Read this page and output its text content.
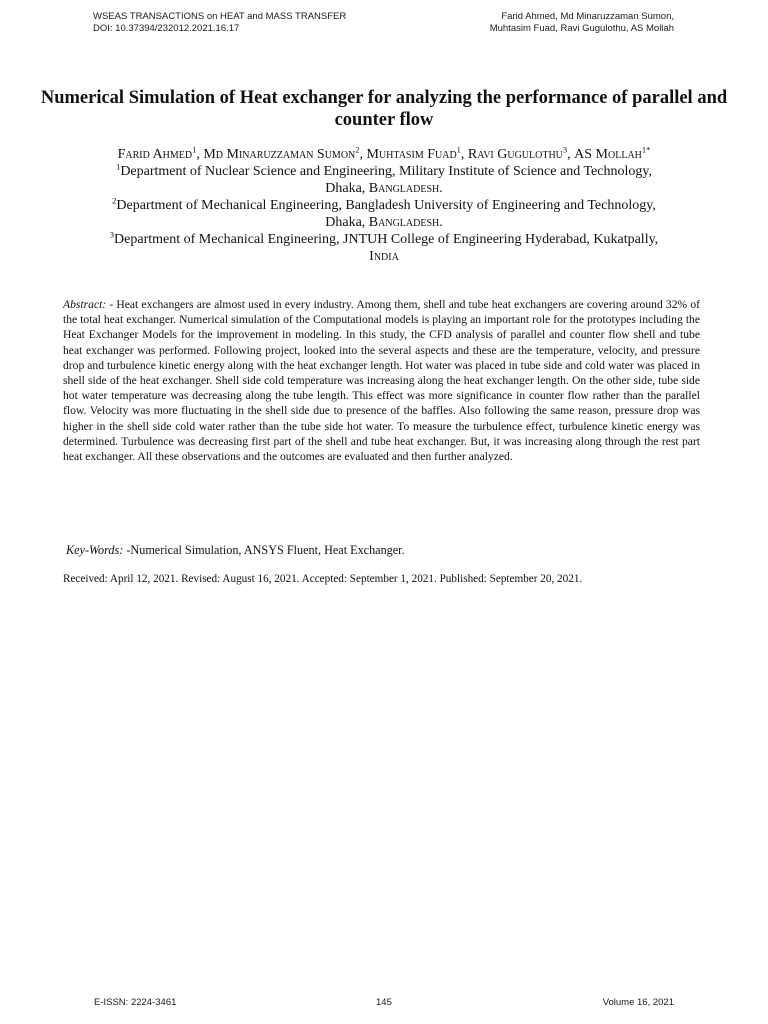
WSEAS TRANSACTIONS on HEAT and MASS TRANSFER
DOI: 10.37394/232012.2021.16.17
Farid Ahmed, Md Minaruzzaman Sumon,
Muhtasim Fuad, Ravi Gugulothu, AS Mollah
Numerical Simulation of Heat exchanger for analyzing the performance of parallel and counter flow
Farid Ahmed$^1$, Md Minaruzzaman Sumon$^2$, Muhtasim Fuad$^1$, Ravi Gugulothu$^3$, AS Mollah$^{1*}$
$^1$Department of Nuclear Science and Engineering, Military Institute of Science and Technology,
Dhaka, Bangladesh.
$^2$Department of Mechanical Engineering, Bangladesh University of Engineering and Technology,
Dhaka, Bangladesh.
$^3$Department of Mechanical Engineering, JNTUH College of Engineering Hyderabad, Kukatpally,
India

Abstract: - Heat exchangers are almost used in every industry. Among them, shell and tube heat exchangers are covering around 32% of the total heat exchanger. Numerical simulation of the Computational models is playing an important role for the prototypes including the Heat Exchanger Models for the improvement in modeling. In this study, the CFD analysis of parallel and counter flow shell and tube heat exchanger was performed. Following project, looked into the several aspects and these are the temperature, velocity, and pressure drop and turbulence kinetic energy along with the heat exchanger length. Hot water was placed in tube side and cold water was placed in shell side of the heat exchanger. Shell side cold temperature was increasing along the heat exchanger length. On the other side, tube side hot water temperature was decreasing along the tube length. This effect was more significance in counter flow rather than the parallel flow. Velocity was more fluctuating in the shell side due to presence of the baffles. Also following the same reason, pressure drop was higher in the shell side cold water rather than the tube side hot water. To measure the turbulence effect, turbulence kinetic energy was determined. Turbulence was decreasing first part of the shell and tube heat exchanger. But, it was increasing along through the rest part heat exchanger. All these observations and the outcomes are evaluated and then further analyzed.

Key-Words: -Numerical Simulation, ANSYS Fluent, Heat Exchanger.
Received: April 12, 2021. Revised: August 16, 2021. Accepted: September 1, 2021. Published: September 20, 2021.
E-ISSN: 2224-3461	145	Volume 16, 2021
